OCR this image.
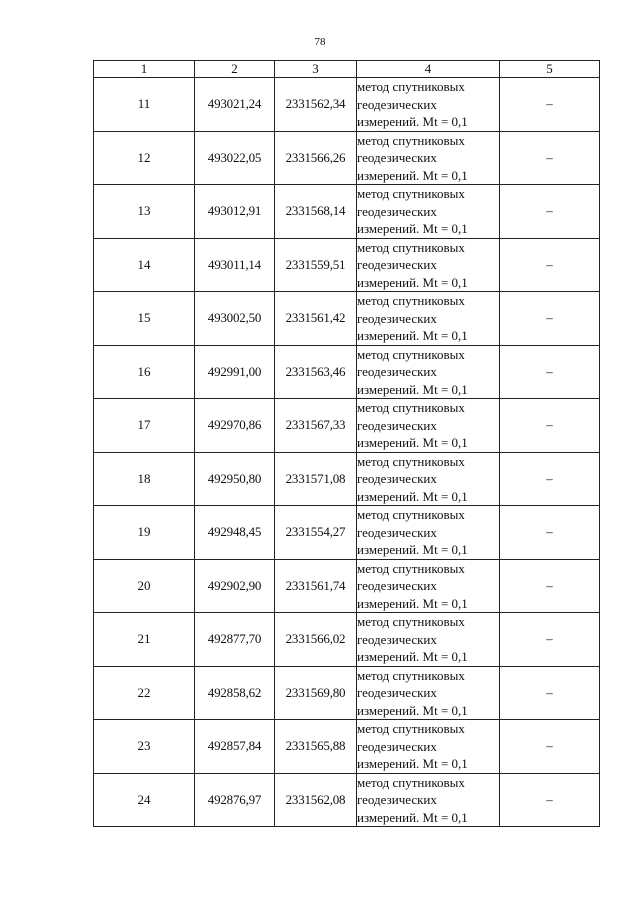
78
1	2	3	4	5
11	493021,24	2331562,34	метод спутниковых
геодезических
измерений. Mt = 0,1	–
12	493022,05	2331566,26	метод спутниковых
геодезических
измерений. Mt = 0,1	–
13	493012,91	2331568,14	метод спутниковых
геодезических
измерений. Mt = 0,1	–
14	493011,14	2331559,51	метод спутниковых
геодезических
измерений. Mt = 0,1	–
15	493002,50	2331561,42	метод спутниковых
геодезических
измерений. Mt = 0,1	–
16	492991,00	2331563,46	метод спутниковых
геодезических
измерений. Mt = 0,1	–
17	492970,86	2331567,33	метод спутниковых
геодезических
измерений. Mt = 0,1	–
18	492950,80	2331571,08	метод спутниковых
геодезических
измерений. Mt = 0,1	–
19	492948,45	2331554,27	метод спутниковых
геодезических
измерений. Mt = 0,1	–
20	492902,90	2331561,74	метод спутниковых
геодезических
измерений. Mt = 0,1	–
21	492877,70	2331566,02	метод спутниковых
геодезических
измерений. Mt = 0,1	–
22	492858,62	2331569,80	метод спутниковых
геодезических
измерений. Mt = 0,1	–
23	492857,84	2331565,88	метод спутниковых
геодезических
измерений. Mt = 0,1	–
24	492876,97	2331562,08	метод спутниковых
геодезических
измерений. Mt = 0,1	–
